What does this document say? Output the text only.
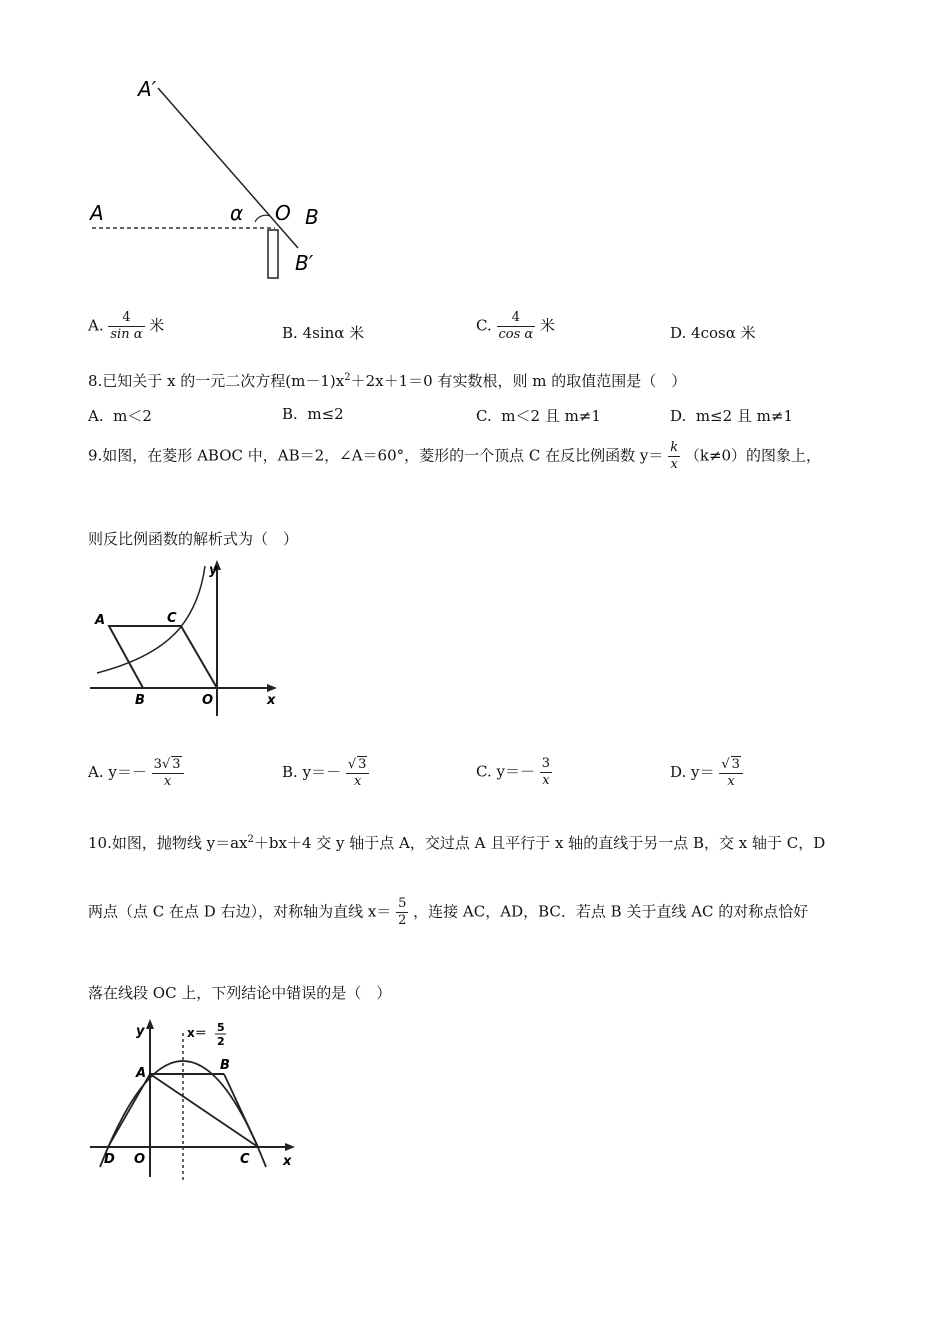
A′
A	α O B
B′
A. $\frac{4}{\text{sin α}}$ 米	B. 4sinα 米	C. $\frac{4}{\text{cos α}}$ 米	D. 4cosα 米
8.已知关于 x 的一元二次方程$(m-1)x^2+2x+1=0$ 有实数根，则 m 的取值范围是（　）
A. m＜2	B. m≤2	C. m＜2 且 m≠1	D. m≤2 且 m≠1
9.如图，在菱形 ABOC 中，AB＝2，∠A＝60°，菱形的一个顶点 C 在反比例函数 $y= \frac{k}{x} (k\ne 0)$的图象上，
则反比例函数的解析式为（　）
y
A	C
B	O	x
A. $y=- \frac{3√ 3}{x}$	B. $y=- \frac{√ 3}{x}$	C. $y=- \frac{3}{x}$	D. $y= \frac{√ 3}{x}$
10.如图，抛物线 $y=ax^2+bx+4$ 交 y 轴于点 A，交过点 A 且平行于 x 轴的直线于另一点 B，交 x 轴于 C，D
两点（点 C 在点 D 右边），对称轴为直线 $x= \frac{5}{2}$ ，连接 AC，AD，BC．若点 B 关于直线 AC 的对称点恰好
落在线段 OC 上，下列结论中错误的是（　）
y	x＝ 5
2
A
B
D O	C	x
